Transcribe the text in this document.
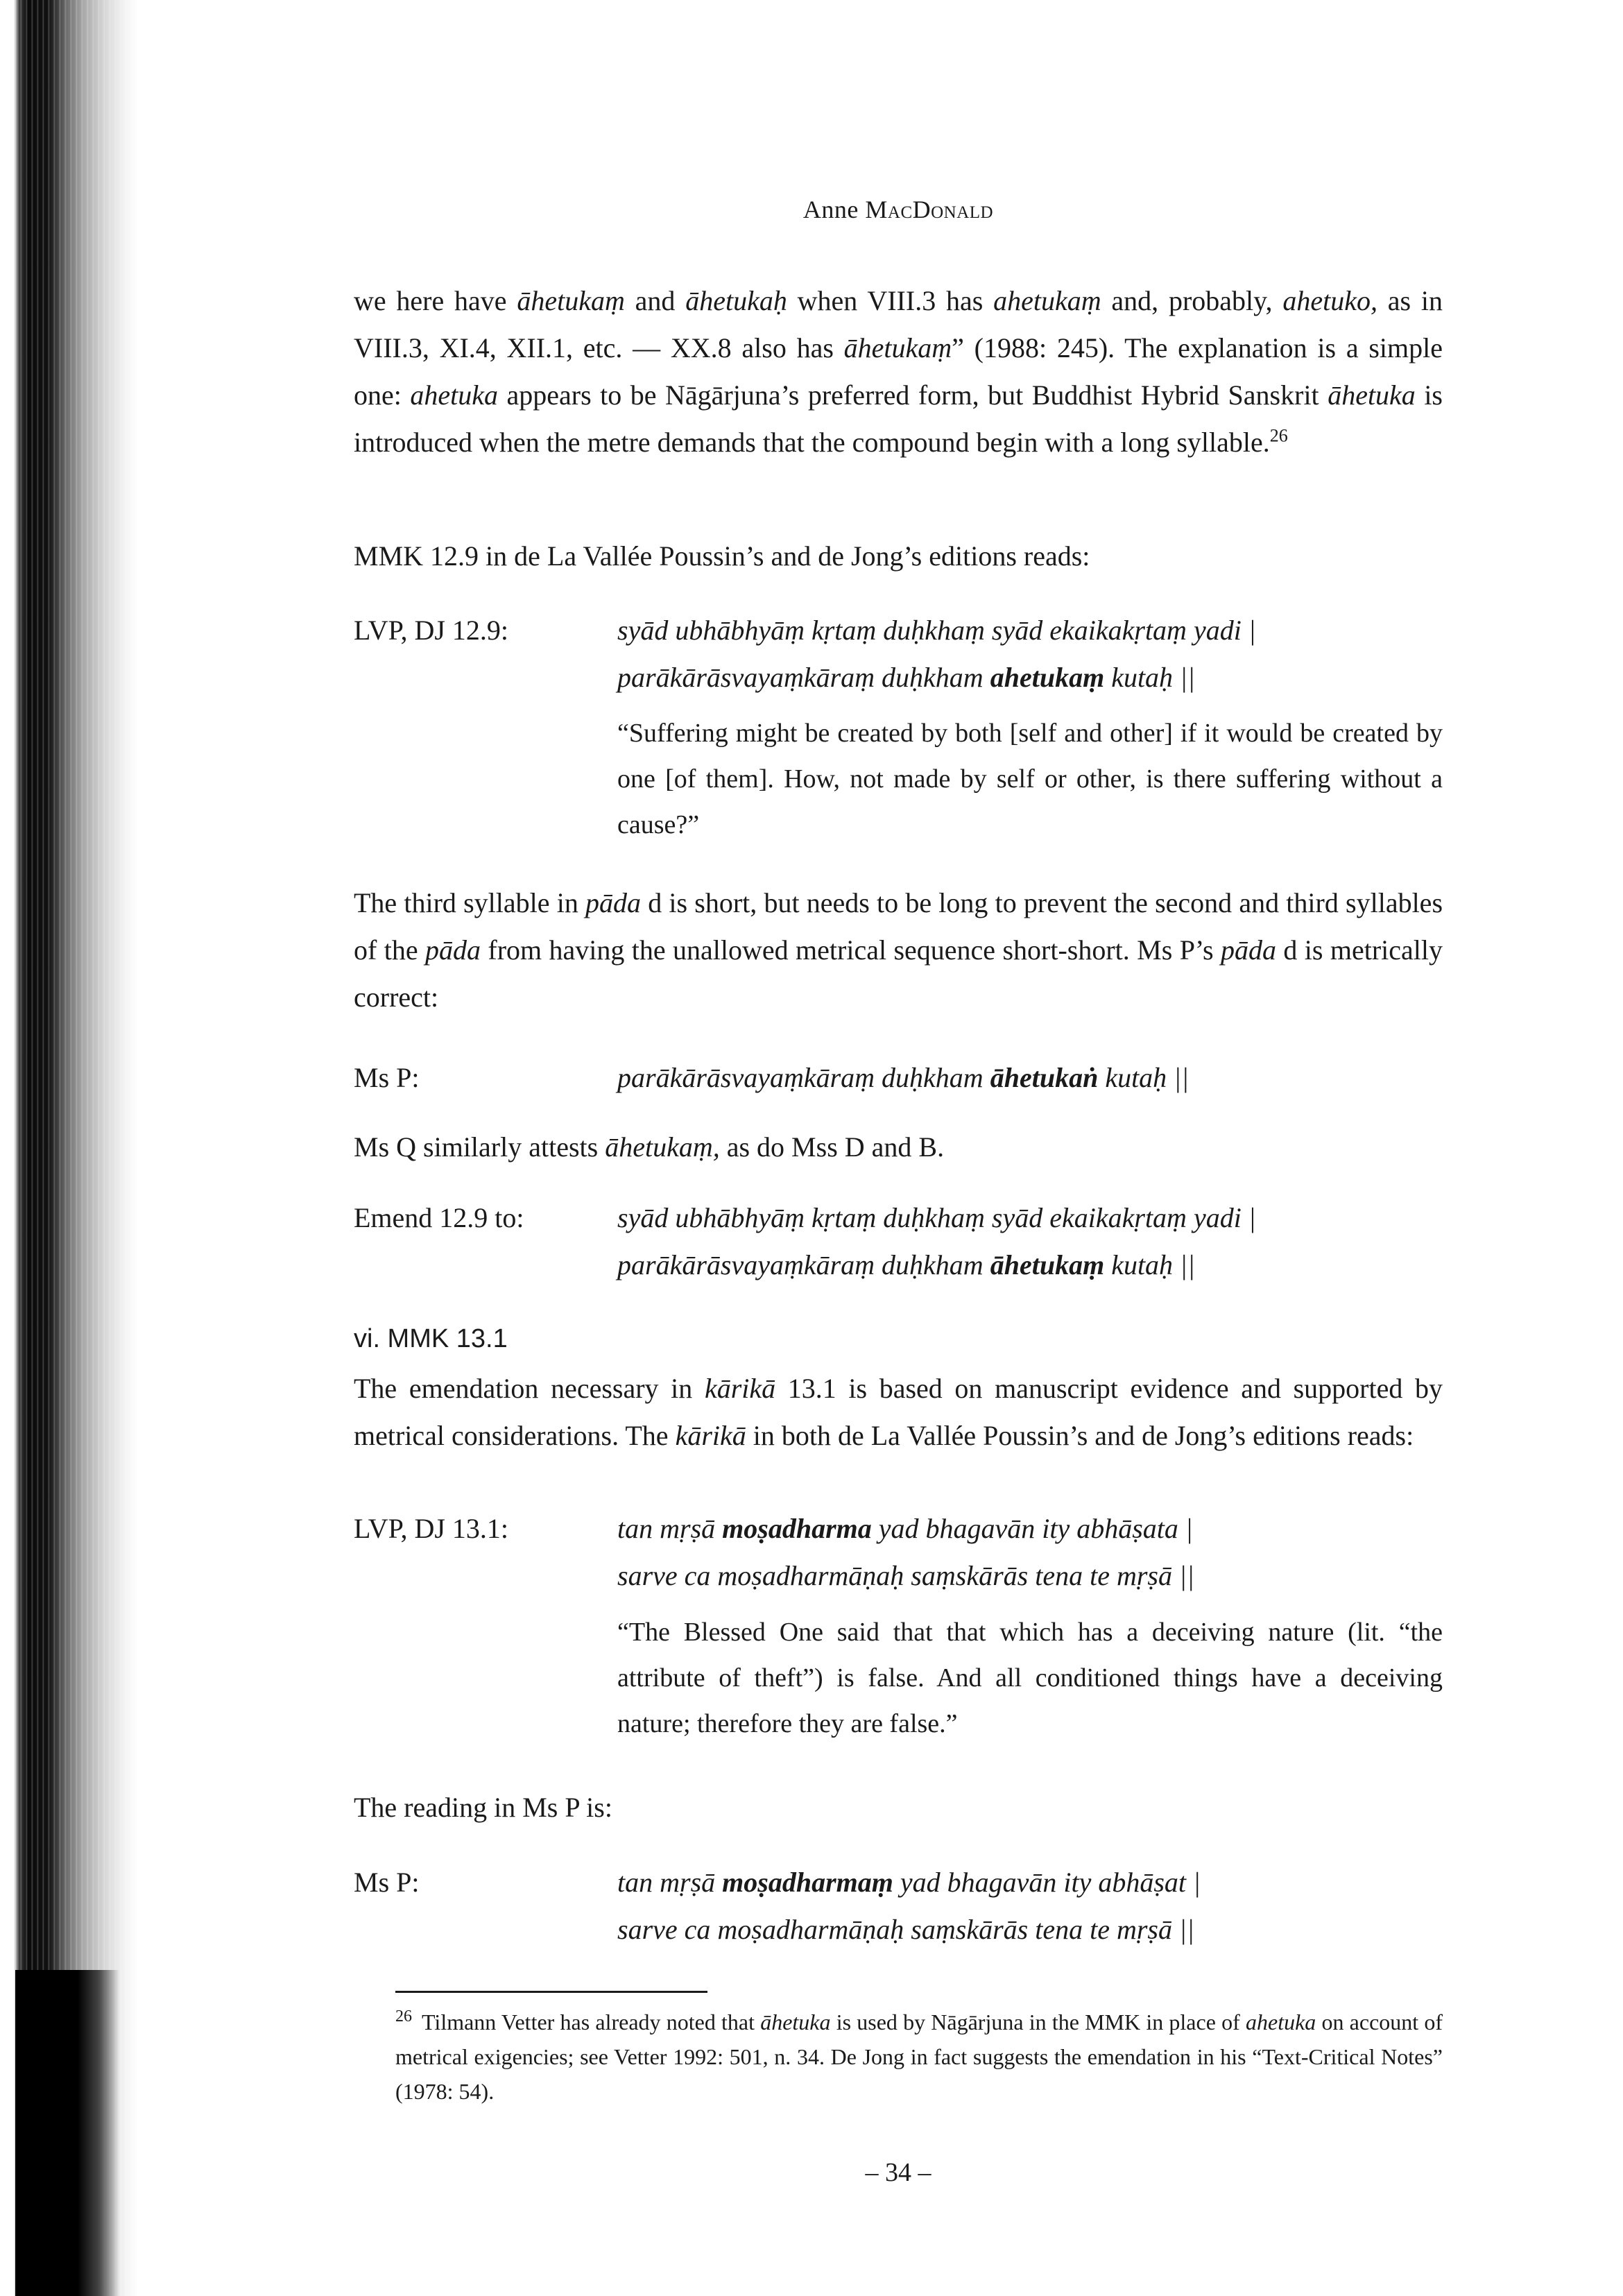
Anne MacDonald

we here have āhetukaṃ and āhetukaḥ when VIII.3 has ahetukaṃ and, probably, ahetuko, as in VIII.3, XI.4, XII.1, etc. — XX.8 also has āhetukaṃ” (1988: 245). The explanation is a simple one: ahetuka appears to be Nāgārjuna’s preferred form, but Buddhist Hybrid Sanskrit āhetuka is introduced when the metre demands that the compound begin with a long syllable.$^{26}$

MMK 12.9 in de La Vallée Poussin’s and de Jong’s editions reads:

LVP, DJ 12.9:	syād ubhābhyāṃ kṛtaṃ duḥkhaṃ syād ekaikakṛtaṃ yadi |
parākārāsvayaṃkāraṃ duḥkham ahetukaṃ kutaḥ ||

“Suffering might be created by both [self and other] if it would be created by one [of them]. How, not made by self or other, is there suffering without a cause?”

The third syllable in pāda d is short, but needs to be long to prevent the second and third syllables of the pāda from having the unallowed metrical sequence short-short. Ms P’s pāda d is metrically correct:

Ms P:	parākārāsvayaṃkāraṃ duḥkham āhetukaṅ kutaḥ ||

Ms Q similarly attests āhetukaṃ, as do Mss D and B.

Emend 12.9 to:	syād ubhābhyāṃ kṛtaṃ duḥkhaṃ syād ekaikakṛtaṃ yadi |
parākārāsvayaṃkāraṃ duḥkham āhetukaṃ kutaḥ ||
vi. MMK 13.1

The emendation necessary in kārikā 13.1 is based on manuscript evidence and supported by metrical considerations. The kārikā in both de La Vallée Poussin’s and de Jong’s editions reads:

LVP, DJ 13.1:	tan mṛṣā moṣadharma yad bhagavān ity abhāṣata |
sarve ca moṣadharmāṇaḥ saṃskārās tena te mṛṣā ||

“The Blessed One said that that which has a deceiving nature (lit. “the attribute of theft”) is false. And all conditioned things have a deceiving nature; therefore they are false.”

The reading in Ms P is:

Ms P:	tan mṛṣā moṣadharmaṃ yad bhagavān ity abhāṣat |
sarve ca moṣadharmāṇaḥ saṃskārās tena te mṛṣā ||
$^{26}$ Tilmann Vetter has already noted that āhetuka is used by Nāgārjuna in the MMK in place of ahetuka on account of metrical exigencies; see Vetter 1992: 501, n. 34. De Jong in fact suggests the emendation in his “Text-Critical Notes” (1978: 54).
– 34 –
